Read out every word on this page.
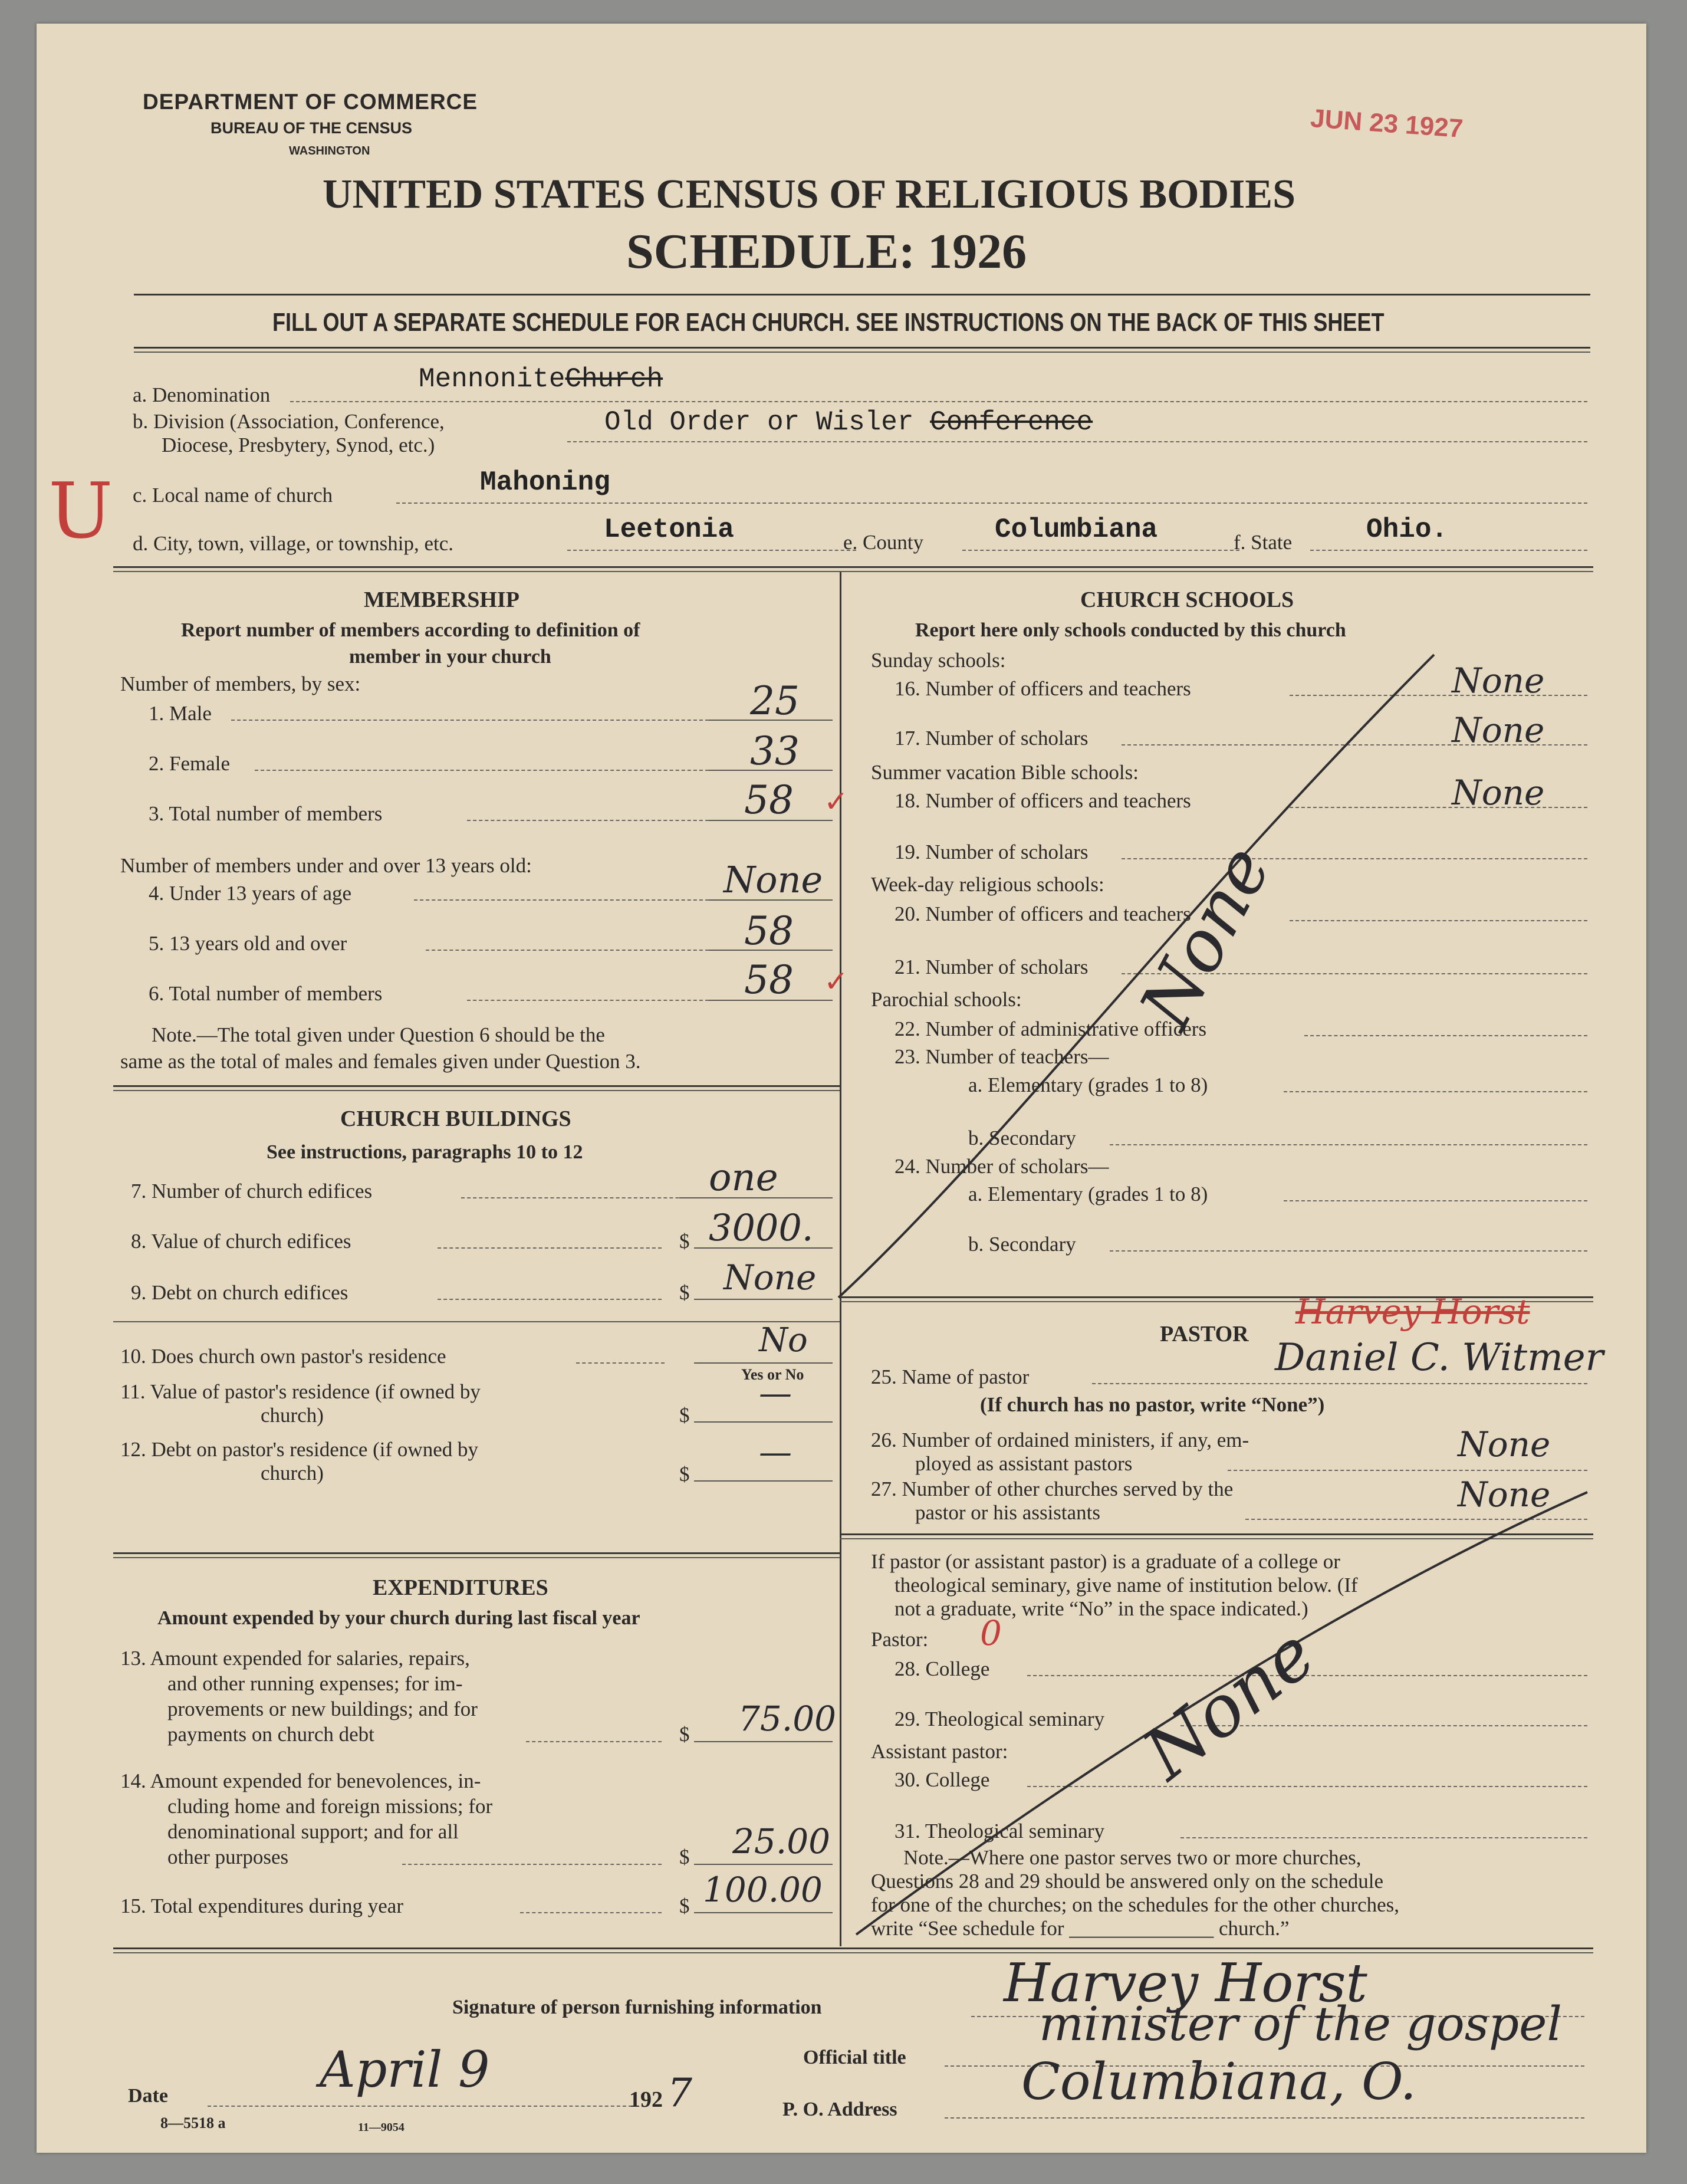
DEPARTMENT OF COMMERCE
BUREAU OF THE CENSUS
WASHINGTON
JUN 23 1927
UNITED STATES CENSUS OF RELIGIOUS BODIES
SCHEDULE: 1926
FILL OUT A SEPARATE SCHEDULE FOR EACH CHURCH. SEE INSTRUCTIONS ON THE BACK OF THIS SHEET
a. Denomination
MennoniteChurch
b. Division (Association, Conference,
Diocese, Presbytery, Synod, etc.)
Old Order or Wisler Conference
U c. Local name of church	Mahoning
d. City, town, village, or township, etc.	Leetonia	e. County	Columbiana	f. State	Ohio.
MEMBERSHIP
Report number of members according to definition of
member in your church
Number of members, by sex:
1. Male	25
2. Female	33
3. Total number of members	58 ✓
Number of members under and over 13 years old:
4. Under 13 years of age	None
5. 13 years old and over	58
6. Total number of members	58 ✓
Note.—The total given under Question 6 should be the
same as the total of males and females given under Question 3.
CHURCH BUILDINGS
See instructions, paragraphs 10 to 12
7. Number of church edifices	one
8. Value of church edifices	$ 3000.
9. Debt on church edifices	$ None
10. Does church own pastor's residence	No
Yes or No
11. Value of pastor's residence (if owned by
church)	$
—
12. Debt on pastor's residence (if owned by
church)	$
—
EXPENDITURES
Amount expended by your church during last fiscal year
13. Amount expended for salaries, repairs,
and other running expenses; for im-
provements or new buildings; and for
payments on church debt	$ 75.00
14. Amount expended for benevolences, in-
cluding home and foreign missions; for
denominational support; and for all
other purposes	$ 25.00
15. Total expenditures during year	$ 100.00
CHURCH SCHOOLS
Report here only schools conducted by this church
Sunday schools:
16. Number of officers and teachers	None
17. Number of scholars	None
Summer vacation Bible schools:
18. Number of officers and teachers	None
19. Number of scholars
Week-day religious schools:
20. Number of officers and teachers
21. Number of scholars
Parochial schools:
22. Number of administrative officers
23. Number of teachers—
a. Elementary (grades 1 to 8)
b. Secondary
24. Number of scholars—
a. Elementary (grades 1 to 8)
b. Secondary
None
PASTOR
Harvey Horst
25. Name of pastor	Daniel C. Witmer
(If church has no pastor, write “None”)
26. Number of ordained ministers, if any, em-
ployed as assistant pastors	None
27. Number of other churches served by the
pastor or his assistants	None
If pastor (or assistant pastor) is a graduate of a college or
theological seminary, give name of institution below. (If
not a graduate, write “No” in the space indicated.)
Pastor: 0
28. College
29. Theological seminary
Assistant pastor:
30. College
31. Theological seminary
None
Note.—Where one pastor serves two or more churches,
Questions 28 and 29 should be answered only on the schedule
for one of the churches; on the schedules for the other churches,
write “See schedule for ______________ church.”
Signature of person furnishing information	Harvey Horst
Official title
minister of the gospel
Date	April 9
192 7	P. O. Address Columbiana, O.
8—5518 a	11—9054
